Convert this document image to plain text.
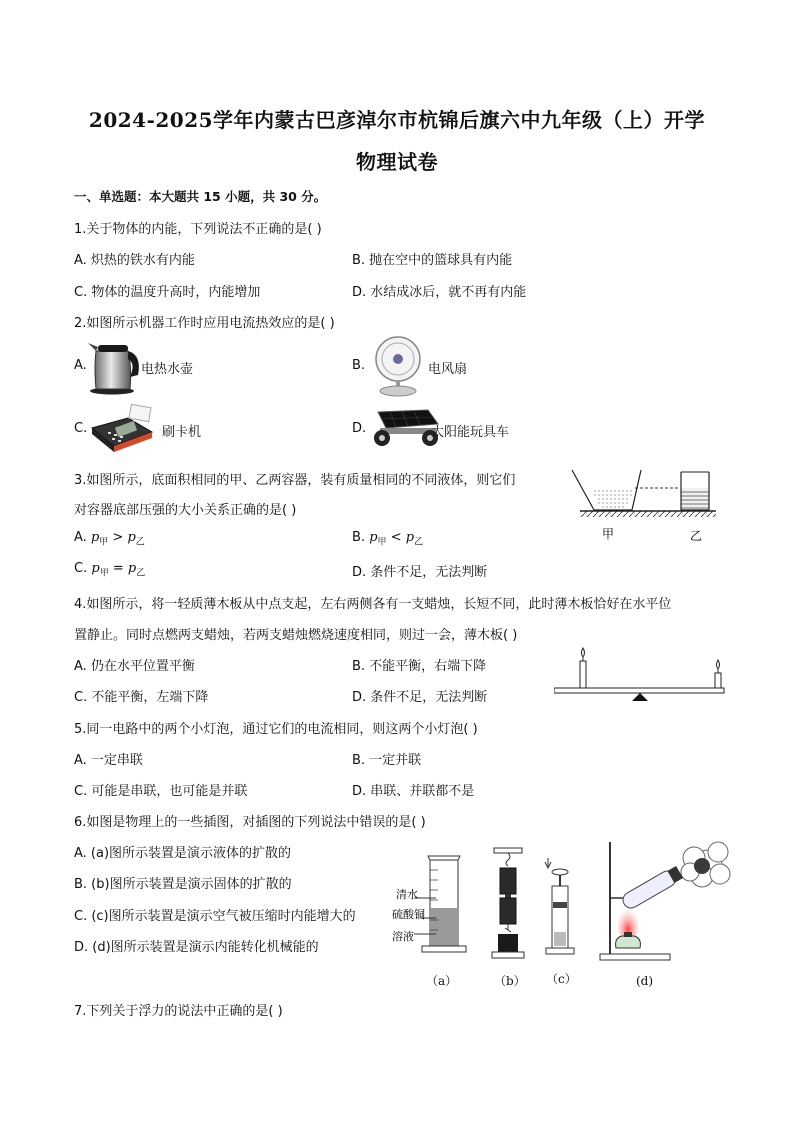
2024-2025学年内蒙古巴彦淖尔市杭锦后旗六中九年级（上）开学
物理试卷
一、单选题：本大题共 15 小题，共 30 分。
1.关于物体的内能，下列说法不正确的是( )
A. 炽热的铁水有内能	B. 抛在空中的篮球具有内能
C. 物体的温度升高时，内能增加	D. 水结成冰后，就不再有内能
2.如图所示机器工作时应用电流热效应的是( )
A.	电热水壶	B.	电风扇
C.	刷卡机	D.	太阳能玩具车
3.如图所示，底面积相同的甲、乙两容器，装有质量相同的不同液体，则它们
对容器底部压强的大小关系正确的是( )
A. $p_甲 > p_乙$	B. $p_甲 < p_乙$
C. $p_甲 = p_乙$	D. 条件不足，无法判断
甲	乙
4.如图所示，将一轻质薄木板从中点支起，左右两侧各有一支蜡烛，长短不同，此时薄木板恰好在水平位
置静止。同时点燃两支蜡烛，若两支蜡烛燃烧速度相同，则过一会，薄木板( )
A. 仍在水平位置平衡	B. 不能平衡，右端下降
C. 不能平衡，左端下降	D. 条件不足，无法判断
5.同一电路中的两个小灯泡，通过它们的电流相同，则这两个小灯泡( )
A. 一定串联	B. 一定并联
C. 可能是串联，也可能是并联	D. 串联、并联都不是
6.如图是物理上的一些插图，对插图的下列说法中错误的是( )
A. (a)图所示装置是演示液体的扩散的
B. (b)图所示装置是演示固体的扩散的
C. (c)图所示装置是演示空气被压缩时内能增大的
D. (d)图所示装置是演示内能转化机械能的
清水
硫酸铜
溶液
（a）	（b） （c）	(d)
7.下列关于浮力的说法中正确的是( )
